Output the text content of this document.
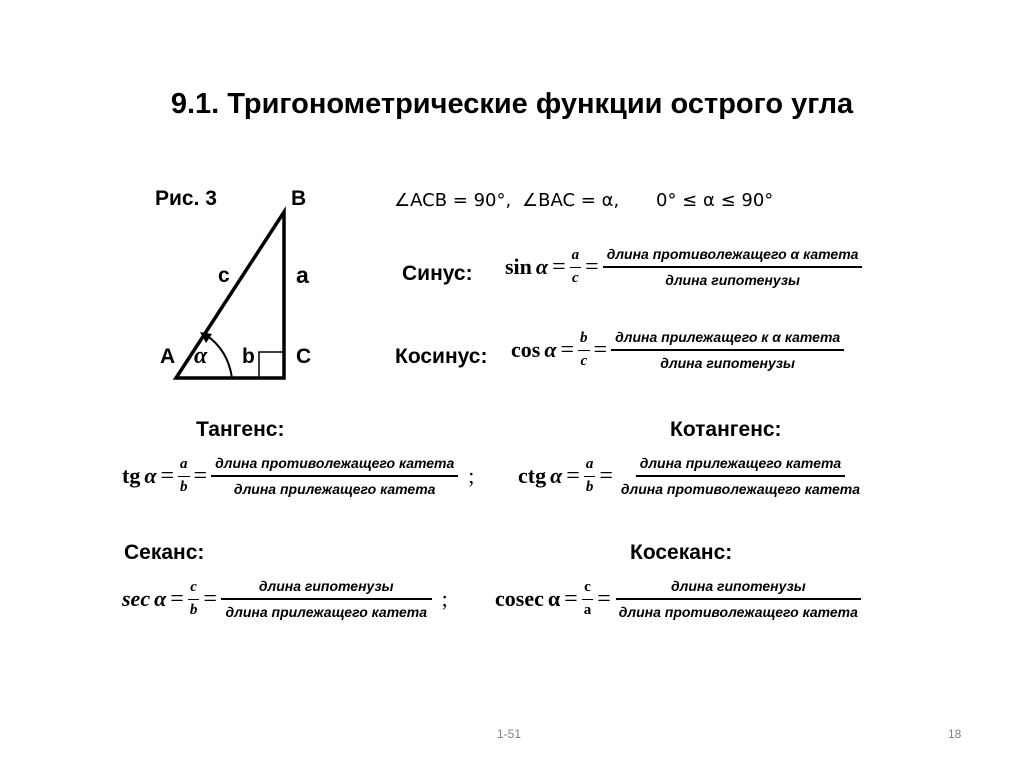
9.1. Тригонометрические функции острого угла
Рис. 3	B
c	a
A α b C
∠ACB = 90°, ∠BAC = α, 0° ≤ α ≤ 90°
Синус: $\sin \alpha = \frac{a}{c} = \frac{\text{длина противолежащего α катета}}{\text{длина гипотенузы}}$
Косинус: $\cos \alpha = \frac{b}{c} = \frac{\text{длина прилежащего к α катета}}{\text{длина гипотенузы}}$
Тангенс:
tg $\alpha = \frac{a}{b} = \frac{\text{длина противолежащего катета}}{\text{длина прилежащего катета}}$ ;
Котангенс:
ctg $\alpha = \frac{a}{b} = \frac{\text{длина прилежащего катета}}{\text{длина противолежащего катета}}$
Секанс:
$\sec \alpha = \frac{c}{b} = \frac{\text{длина гипотенузы}}{\text{длина прилежащего катета}}$ ;
Косеканс:
cosec $\alpha = \frac{c}{a} = \frac{\text{длина гипотенузы}}{\text{длина противолежащего катета}}$
1-51	18
